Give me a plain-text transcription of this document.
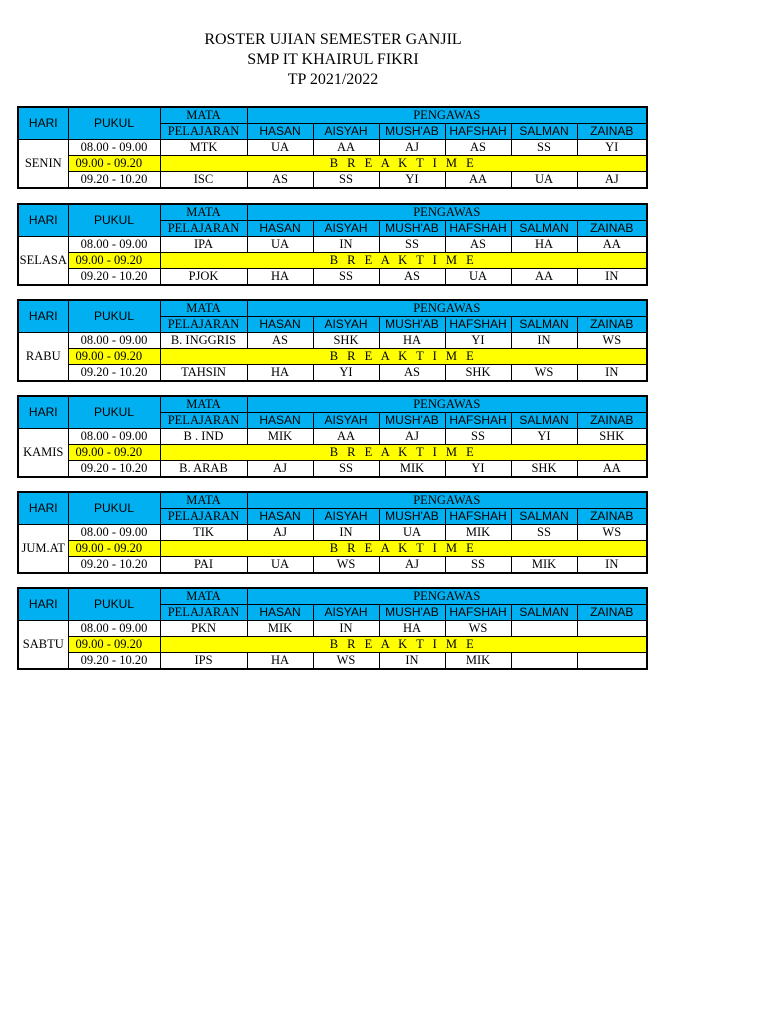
ROSTER UJIAN SEMESTER GANJIL
SMP IT KHAIRUL FIKRI
TP 2021/2022
HARI	PUKUL	MATA	PENGAWAS					
		PELAJARAN	HASAN	AISYAH	MUSH'AB	HAFSHAH	SALMAN	ZAINAB
SENIN	08.00 - 09.00	MTK	UA	AA	AJ	AS	SS	YI
	09.00 - 09.20	B R E A K T I M E						
	09.20 - 10.20	ISC	AS	SS	YI	AA	UA	AJ
HARI	PUKUL	MATA	PENGAWAS					
		PELAJARAN	HASAN	AISYAH	MUSH'AB	HAFSHAH	SALMAN	ZAINAB
SELASA	08.00 - 09.00	IPA	UA	IN	SS	AS	HA	AA
	09.00 - 09.20	B R E A K T I M E						
	09.20 - 10.20	PJOK	HA	SS	AS	UA	AA	IN
HARI	PUKUL	MATA	PENGAWAS					
		PELAJARAN	HASAN	AISYAH	MUSH'AB	HAFSHAH	SALMAN	ZAINAB
RABU	08.00 - 09.00	B. INGGRIS	AS	SHK	HA	YI	IN	WS
	09.00 - 09.20	B R E A K T I M E						
	09.20 - 10.20	TAHSIN	HA	YI	AS	SHK	WS	IN
HARI	PUKUL	MATA	PENGAWAS					
		PELAJARAN	HASAN	AISYAH	MUSH'AB	HAFSHAH	SALMAN	ZAINAB
KAMIS	08.00 - 09.00	B . IND	MIK	AA	AJ	SS	YI	SHK
	09.00 - 09.20	B R E A K T I M E						
	09.20 - 10.20	B. ARAB	AJ	SS	MIK	YI	SHK	AA
HARI	PUKUL	MATA	PENGAWAS					
		PELAJARAN	HASAN	AISYAH	MUSH'AB	HAFSHAH	SALMAN	ZAINAB
JUM.AT	08.00 - 09.00	TIK	AJ	IN	UA	MIK	SS	WS
	09.00 - 09.20	B R E A K T I M E						
	09.20 - 10.20	PAI	UA	WS	AJ	SS	MIK	IN
HARI	PUKUL	MATA	PENGAWAS					
		PELAJARAN	HASAN	AISYAH	MUSH'AB	HAFSHAH	SALMAN	ZAINAB
SABTU	08.00 - 09.00	PKN	MIK	IN	HA	WS		
	09.00 - 09.20	B R E A K T I M E						
	09.20 - 10.20	IPS	HA	WS	IN	MIK		
